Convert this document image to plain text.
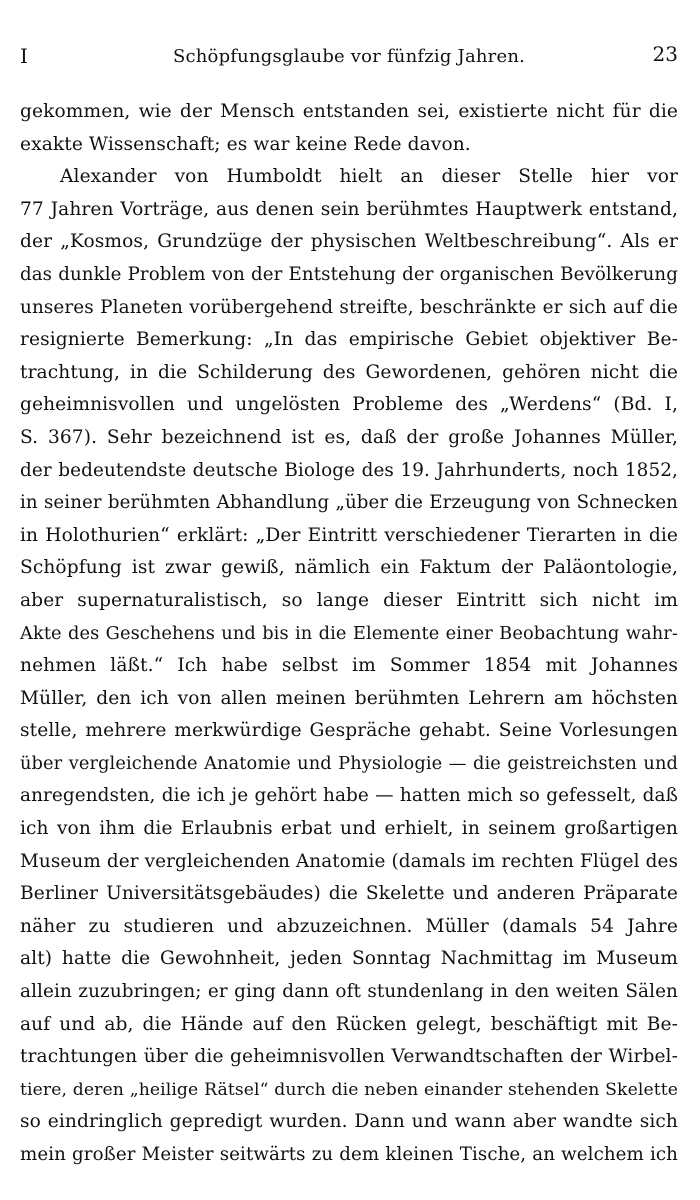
I	Schöpfungsglaube vor fünfzig Jahren.	23
gekommen, wie der Mensch entstanden sei, existierte nicht für die
exakte Wissenschaft; es war keine Rede davon.
Alexander von Humboldt hielt an dieser Stelle hier vor
77 Jahren Vorträge, aus denen sein berühmtes Hauptwerk entstand,
der „Kosmos, Grundzüge der physischen Weltbeschreibung“. Als er
das dunkle Problem von der Entstehung der organischen Bevölkerung
unseres Planeten vorübergehend streifte, beschränkte er sich auf die
resignierte Bemerkung: „In das empirische Gebiet objektiver Be-
trachtung, in die Schilderung des Gewordenen, gehören nicht die
geheimnisvollen und ungelösten Probleme des „Werdens“ (Bd. I,
S. 367). Sehr bezeichnend ist es, daß der große Johannes Müller,
der bedeutendste deutsche Biologe des 19. Jahrhunderts, noch 1852,
in seiner berühmten Abhandlung „über die Erzeugung von Schnecken
in Holothurien“ erklärt: „Der Eintritt verschiedener Tierarten in die
Schöpfung ist zwar gewiß, nämlich ein Faktum der Paläontologie,
aber supernaturalistisch, so lange dieser Eintritt sich nicht im
Akte des Geschehens und bis in die Elemente einer Beobachtung wahr-
nehmen läßt.“ Ich habe selbst im Sommer 1854 mit Johannes
Müller, den ich von allen meinen berühmten Lehrern am höchsten
stelle, mehrere merkwürdige Gespräche gehabt. Seine Vorlesungen
über vergleichende Anatomie und Physiologie — die geistreichsten und
anregendsten, die ich je gehört habe — hatten mich so gefesselt, daß
ich von ihm die Erlaubnis erbat und erhielt, in seinem großartigen
Museum der vergleichenden Anatomie (damals im rechten Flügel des
Berliner Universitätsgebäudes) die Skelette und anderen Präparate
näher zu studieren und abzuzeichnen. Müller (damals 54 Jahre
alt) hatte die Gewohnheit, jeden Sonntag Nachmittag im Museum
allein zuzubringen; er ging dann oft stundenlang in den weiten Sälen
auf und ab, die Hände auf den Rücken gelegt, beschäftigt mit Be-
trachtungen über die geheimnisvollen Verwandtschaften der Wirbel-
tiere, deren „heilige Rätsel“ durch die neben einander stehenden Skelette
so eindringlich gepredigt wurden. Dann und wann aber wandte sich
mein großer Meister seitwärts zu dem kleinen Tische, an welchem ich
